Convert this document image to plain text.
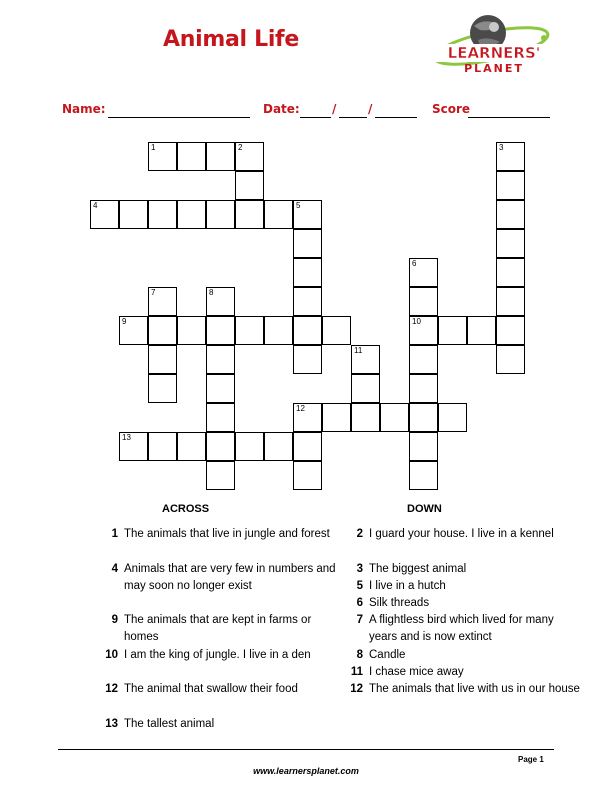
Animal Life
LEARNERS'
PLANET
Name:	Date:	/	/	Score
1	2	3
4	5
6
7	8
9	10
11
12
13
ACROSS	DOWN
1 The animals that live in jungle and forest
4 Animals that are very few in numbers and may soon no longer exist
9 The animals that are kept in farms or homes
10 I am the king of jungle. I live in a den
12 The animal that swallow their food
13 The tallest animal
2 I guard your house. I live in a kennel
3 The biggest animal
5 I live in a hutch
6 Silk threads
7 A flightless bird which lived for many years and is now extinct
8 Candle
11 I chase mice away
12 The animals that live with us in our house
Page 1
www.learnersplanet.com
